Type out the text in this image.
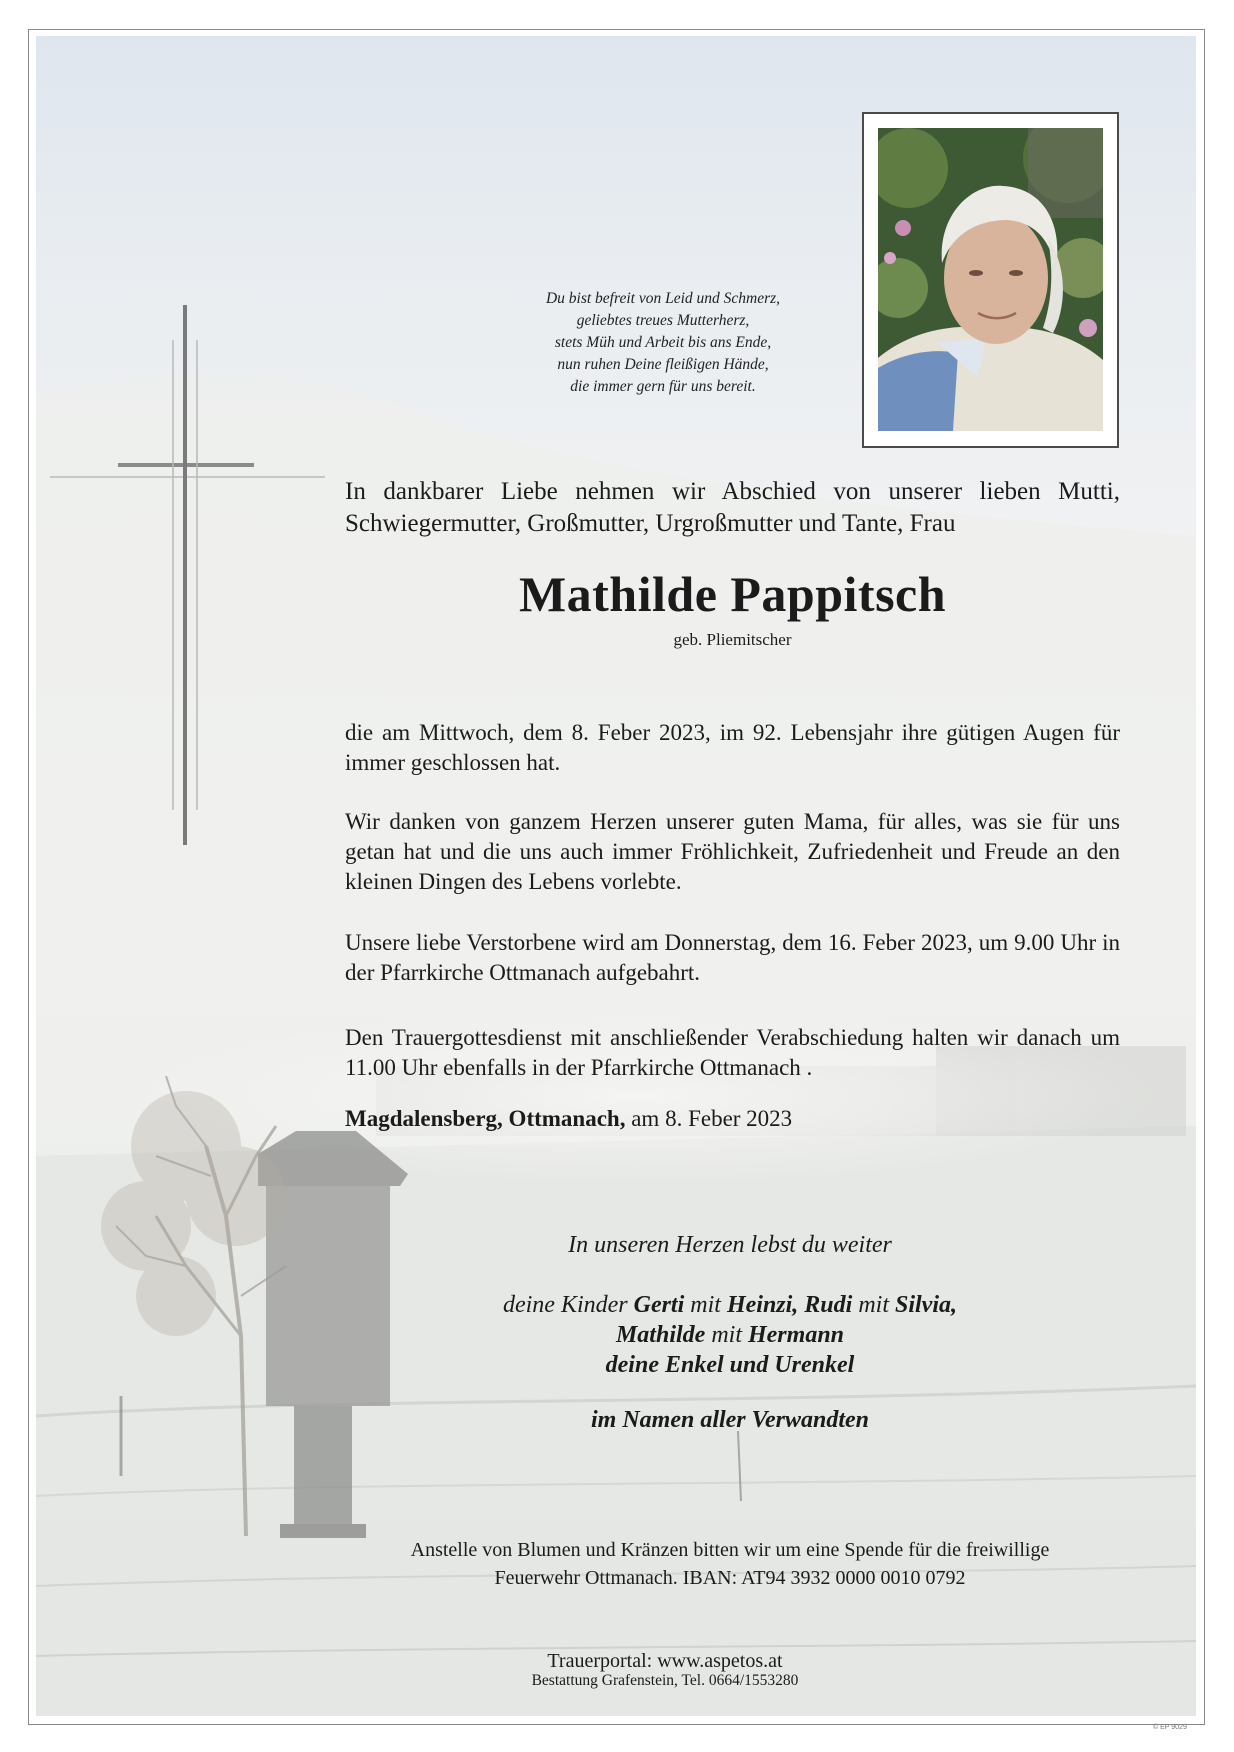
Du bist befreit von Leid und Schmerz,
geliebtes treues Mutterherz,
stets Müh und Arbeit bis ans Ende,
nun ruhen Deine fleißigen Hände,
die immer gern für uns bereit.
In dankbarer Liebe nehmen wir Abschied von unserer lieben Mutti, Schwiegermutter, Großmutter, Urgroßmutter und Tante, Frau
Mathilde Pappitsch
geb. Pliemitscher
die am Mittwoch, dem 8. Feber 2023, im 92. Lebensjahr ihre gütigen Augen für immer geschlossen hat.
Wir danken von ganzem Herzen unserer guten Mama, für alles, was sie für uns getan hat und die uns auch immer Fröhlichkeit, Zufriedenheit und Freude an den kleinen Dingen des Lebens vorlebte.
Unsere liebe Verstorbene wird am Donnerstag, dem 16. Feber 2023, um 9.00 Uhr in der Pfarrkirche Ottmanach aufgebahrt.
Den Trauergottesdienst mit anschließender Verabschiedung halten wir danach um 11.00 Uhr ebenfalls in der Pfarrkirche Ottmanach .
Magdalensberg, Ottmanach, am 8. Feber 2023
In unseren Herzen lebst du weiter
deine Kinder Gerti mit Heinzi, Rudi mit Silvia,
Mathilde mit Hermann
deine Enkel und Urenkel
im Namen aller Verwandten
Anstelle von Blumen und Kränzen bitten wir um eine Spende für die freiwillige
Feuerwehr Ottmanach. IBAN: AT94 3932 0000 0010 0792
Trauerportal: www.aspetos.at
Bestattung Grafenstein, Tel. 0664/1553280
© EP 9029
